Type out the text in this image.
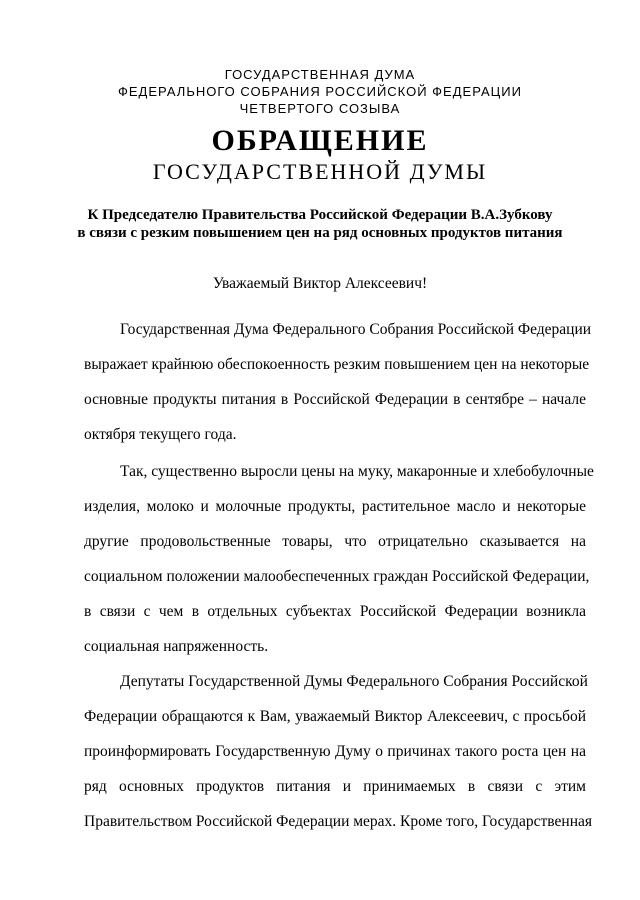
ГОСУДАРСТВЕННАЯ ДУМА
ФЕДЕРАЛЬНОГО СОБРАНИЯ РОССИЙСКОЙ ФЕДЕРАЦИИ
ЧЕТВЕРТОГО СОЗЫВА
ОБРАЩЕНИЕ
ГОСУДАРСТВЕННОЙ ДУМЫ
К Председателю Правительства Российской Федерации В.А.Зубкову
в связи с резким повышением цен на ряд основных продуктов питания
Уважаемый Виктор Алексеевич!
Государственная Дума Федерального Собрания Российской Федерации
выражает крайнюю обеспокоенность резким повышением цен на некоторые
основные продукты питания в Российской Федерации в сентябре – начале
октября текущего года.
Так, существенно выросли цены на муку, макаронные и хлебобулочные
изделия, молоко и молочные продукты, растительное масло и некоторые
другие продовольственные товары, что отрицательно сказывается на
социальном положении малообеспеченных граждан Российской Федерации,
в связи с чем в отдельных субъектах Российской Федерации возникла
социальная напряженность.
Депутаты Государственной Думы Федерального Собрания Российской
Федерации обращаются к Вам, уважаемый Виктор Алексеевич, с просьбой
проинформировать Государственную Думу о причинах такого роста цен на
ряд основных продуктов питания и принимаемых в связи с этим
Правительством Российской Федерации мерах. Кроме того, Государственная
